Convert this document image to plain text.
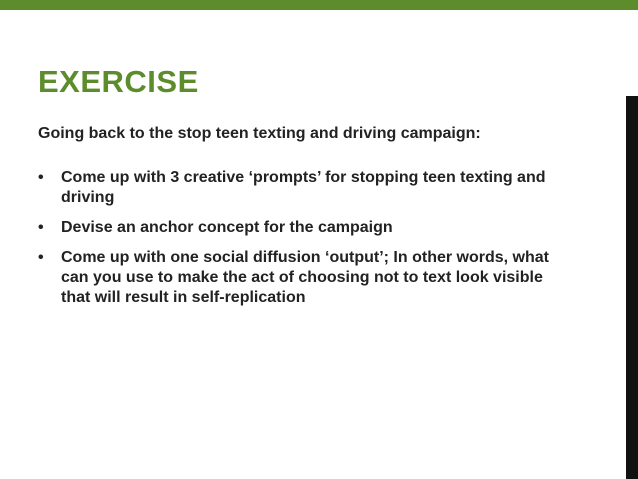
EXERCISE

Going back to the stop teen texting and driving campaign:

• Come up with 3 creative ‘prompts’ for stopping teen texting and driving
• Devise an anchor concept for the campaign
• Come up with one social diffusion ‘output’; In other words, what can you use to make the act of choosing not to text look visible that will result in self-replication
